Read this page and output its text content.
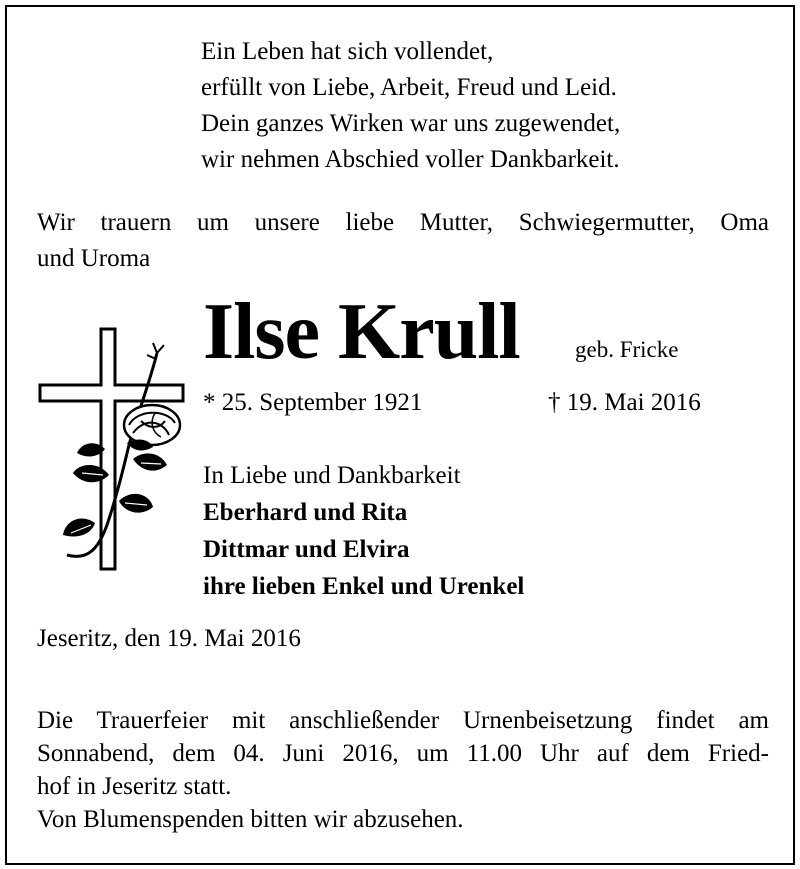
Ein Leben hat sich vollendet,
erfüllt von Liebe, Arbeit, Freud und Leid.
Dein ganzes Wirken war uns zugewendet,
wir nehmen Abschied voller Dankbarkeit.
Wir trauern um unsere liebe Mutter, Schwiegermutter, Oma
und Uroma
Ilse Krull geb. Fricke
* 25. September 1921	† 19. Mai 2016
In Liebe und Dankbarkeit
Eberhard und Rita
Dittmar und Elvira
ihre lieben Enkel und Urenkel
Jeseritz, den 19. Mai 2016
Die Trauerfeier mit anschließender Urnenbeisetzung findet am
Sonnabend, dem 04. Juni 2016, um 11.00 Uhr auf dem Fried-
hof in Jeseritz statt.
Von Blumenspenden bitten wir abzusehen.
